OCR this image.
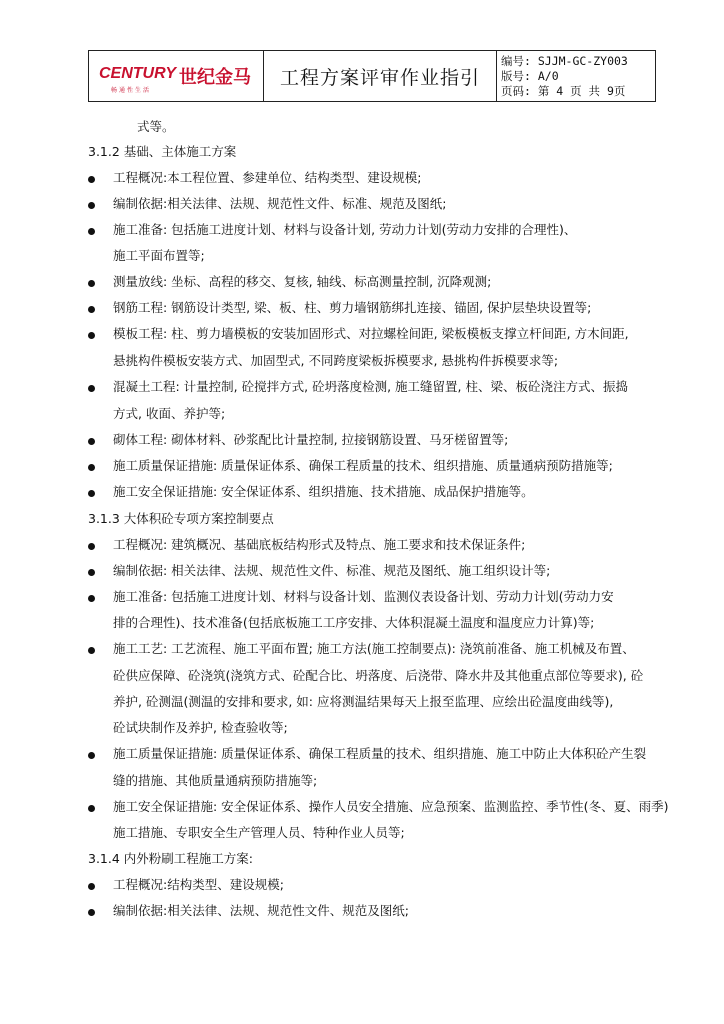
CENTURY 世纪金马
畅通性生活
工程方案评审作业指引
编号: SJJM-GC-ZY003
版号: A/0
页码: 第 4 页 共 9页
式等。
3.1.2 基础、主体施工方案
工程概况:本工程位置、参建单位、结构类型、建设规模;
编制依据:相关法律、法规、规范性文件、标准、规范及图纸;
施工准备: 包括施工进度计划、材料与设备计划, 劳动力计划(劳动力安排的合理性)、
施工平面布置等;
测量放线: 坐标、高程的移交、复核, 轴线、标高测量控制, 沉降观测;
钢筋工程: 钢筋设计类型, 梁、板、柱、剪力墙钢筋绑扎连接、锚固, 保护层垫块设置等;
模板工程: 柱、剪力墙模板的安装加固形式、对拉螺栓间距, 梁板模板支撑立杆间距, 方木间距,
悬挑构件模板安装方式、加固型式, 不同跨度梁板拆模要求, 悬挑构件拆模要求等;
混凝土工程: 计量控制, 砼搅拌方式, 砼坍落度检测, 施工缝留置, 柱、梁、板砼浇注方式、振捣
方式, 收面、养护等;
砌体工程: 砌体材料、砂浆配比计量控制, 拉接钢筋设置、马牙槎留置等;
施工质量保证措施: 质量保证体系、确保工程质量的技术、组织措施、质量通病预防措施等;
施工安全保证措施: 安全保证体系、组织措施、技术措施、成品保护措施等。
3.1.3 大体积砼专项方案控制要点
工程概况: 建筑概况、基础底板结构形式及特点、施工要求和技术保证条件;
编制依据: 相关法律、法规、规范性文件、标准、规范及图纸、施工组织设计等;
施工准备: 包括施工进度计划、材料与设备计划、监测仪表设备计划、劳动力计划(劳动力安
排的合理性)、技术准备(包括底板施工工序安排、大体积混凝土温度和温度应力计算)等;
施工工艺: 工艺流程、施工平面布置; 施工方法(施工控制要点): 浇筑前准备、施工机械及布置、
砼供应保障、砼浇筑(浇筑方式、砼配合比、坍落度、后浇带、降水井及其他重点部位等要求), 砼
养护, 砼测温(测温的安排和要求, 如: 应将测温结果每天上报至监理、应绘出砼温度曲线等),
砼试块制作及养护, 检查验收等;
施工质量保证措施: 质量保证体系、确保工程质量的技术、组织措施、施工中防止大体积砼产生裂
缝的措施、其他质量通病预防措施等;
施工安全保证措施: 安全保证体系、操作人员安全措施、应急预案、监测监控、季节性(冬、夏、雨季)
施工措施、专职安全生产管理人员、特种作业人员等;
3.1.4 内外粉刷工程施工方案:
工程概况:结构类型、建设规模;
编制依据:相关法律、法规、规范性文件、规范及图纸;
